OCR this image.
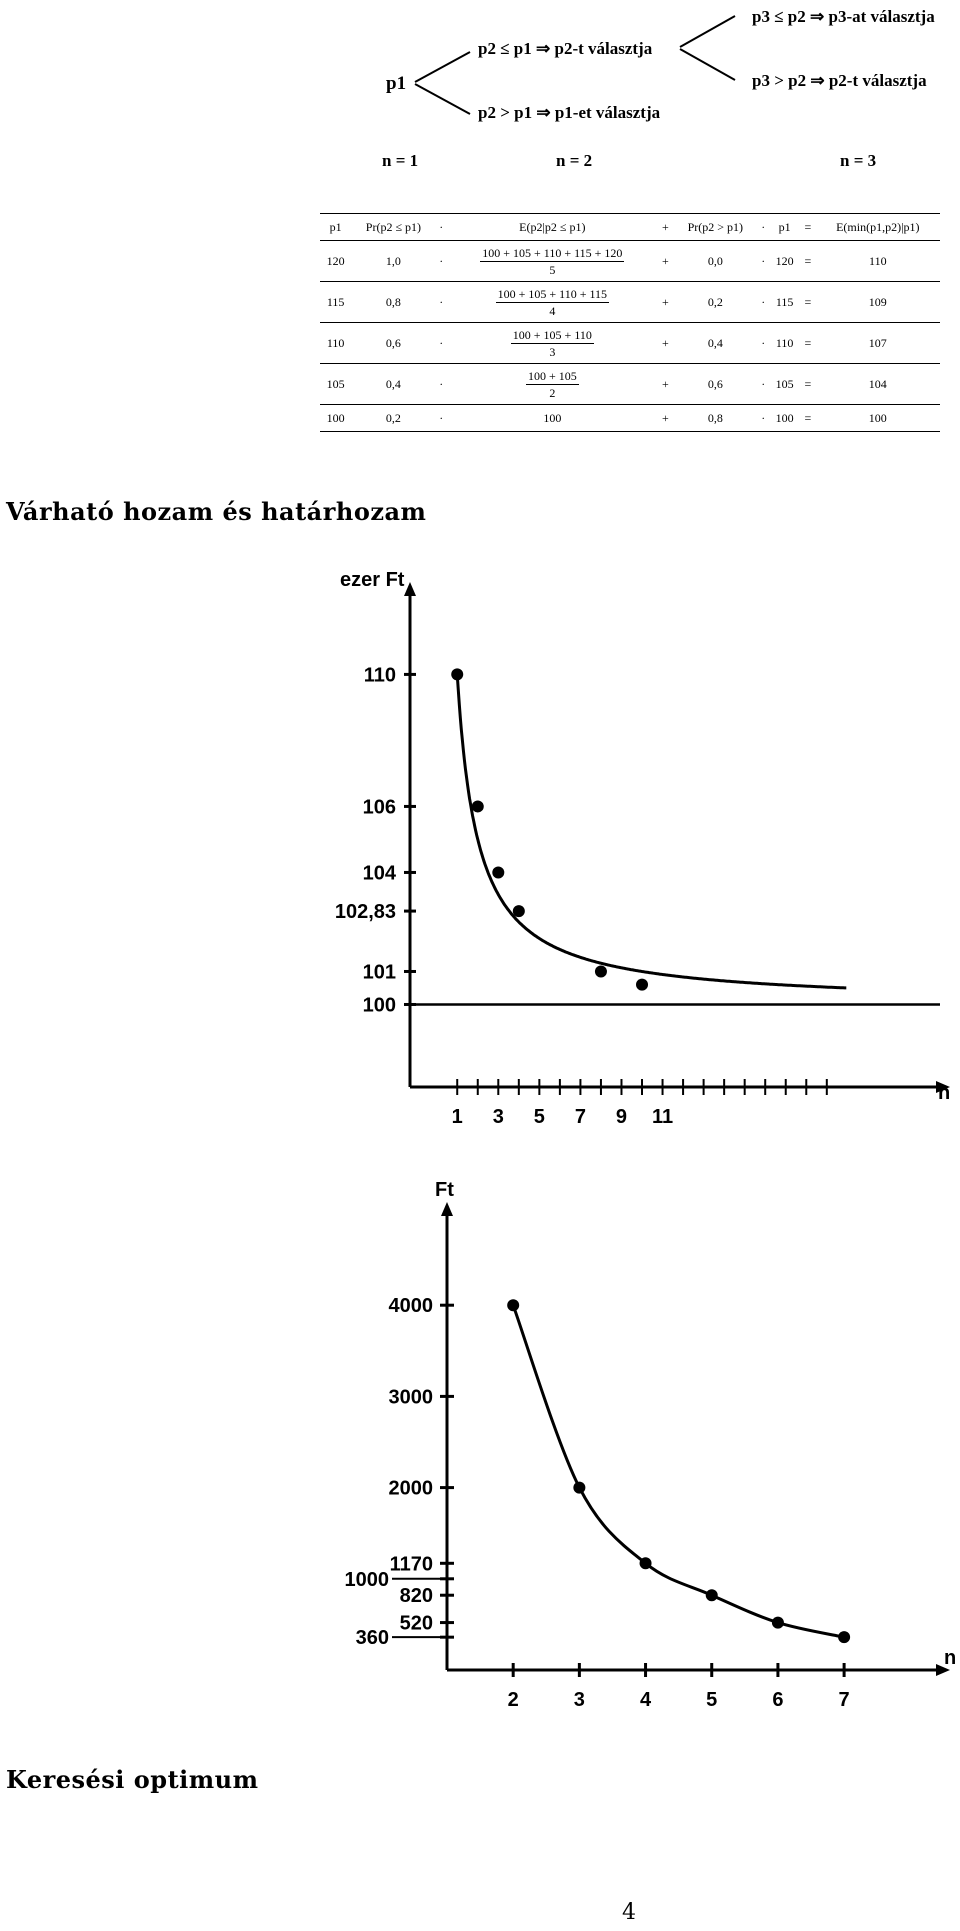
p1
p2 ≤ p1 ⇒ p2-t választja
p2 > p1 ⇒ p1-et választja
p3 ≤ p2 ⇒ p3-at választja
p3 > p2 ⇒ p2-t választja
n = 1	n = 2	n = 3
p1	Pr(p2 ≤ p1)	·	E(p2|p2 ≤ p1)	+	Pr(p2 > p1)	·	p1	=	E(min(p1,p2)|p1)
120	1,0	·	$\frac{100 + 105 + 110 + 115 + 120}{5}$	+	0,0	·	120	=	110
115	0,8	·	$\frac{100 + 105 + 110 + 115}{4}$	+	0,2	·	115	=	109
110	0,6	·	$\frac{100 + 105 + 110}{3}$	+	0,4	·	110	=	107
105	0,4	·	$\frac{100 + 105}{2}$	+	0,6	·	105	=	104
100	0,2	·	100	+	0,8	·	100	=	100
Várható hozam és határhozam
ezer Ft
n
110
106
104
102,83
101
100
1 3 5 7 9 11
Ft
n
4000
3000
2000
1170
1000
820
520
360
2	3	4	5	6	7
Keresési optimum
4
